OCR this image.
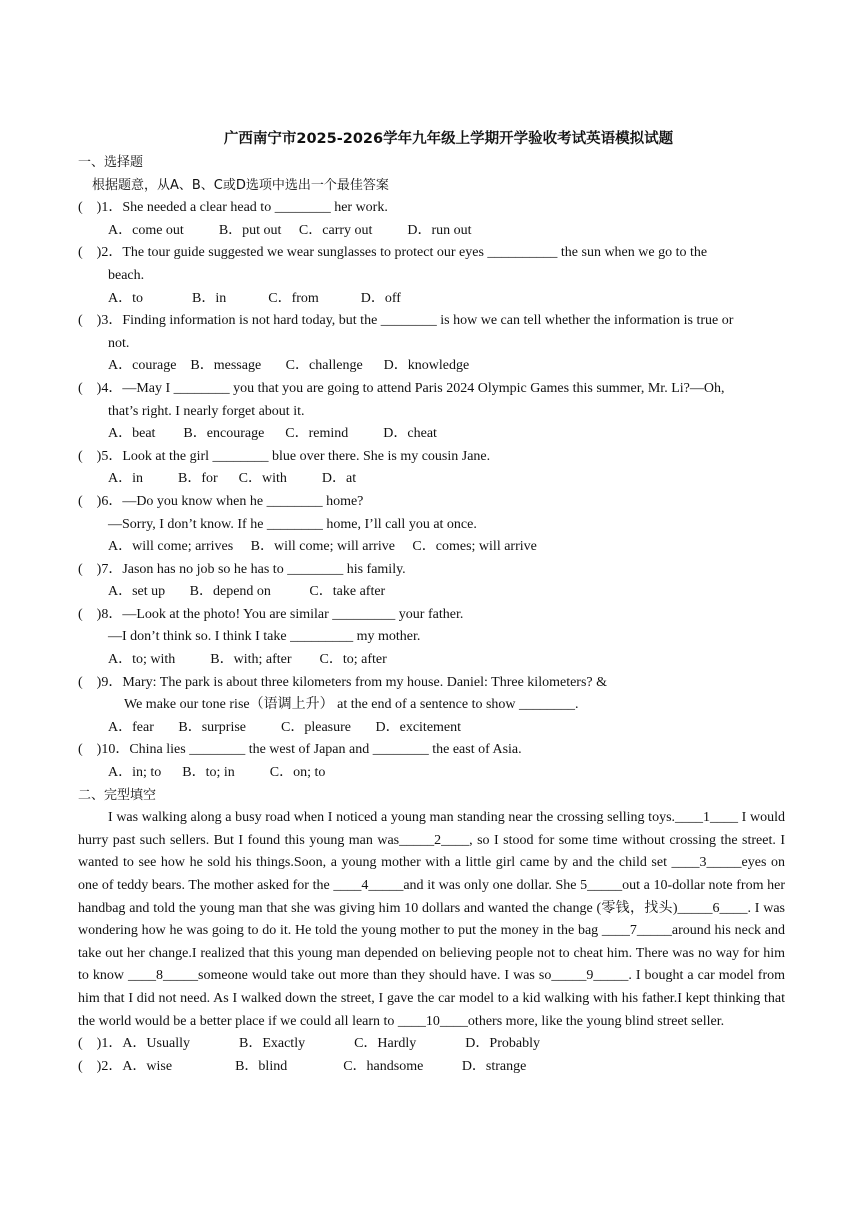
广西南宁市2025-2026学年九年级上学期开学验收考试英语模拟试题
一、选择题
根据题意，从A、B、C或D选项中选出一个最佳答案
(    )1．She needed a clear head to ________ her work.
A．come out          B．put out     C．carry out          D．run out
(    )2．The tour guide suggested we wear sunglasses to protect our eyes __________ the sun when we go to the
beach.
A．to              B．in            C．from            D．off
(    )3．Finding information is not hard today, but the ________ is how we can tell whether the information is true or
not.
A．courage    B．message       C．challenge      D．knowledge
(    )4．—May I ________ you that you are going to attend Paris 2024 Olympic Games this summer, Mr. Li?—Oh,
that’s right. I nearly forget about it.
A．beat        B．encourage      C．remind          D．cheat
(    )5．Look at the girl ________ blue over there. She is my cousin Jane.
A．in          B．for      C．with          D．at
(    )6．—Do you know when he ________ home?
—Sorry, I don’t know. If he ________ home, I’ll call you at once.
A．will come; arrives     B．will come; will arrive     C．comes; will arrive
(    )7．Jason has no job so he has to ________ his family.
A．set up       B．depend on           C．take after
(    )8．—Look at the photo! You are similar _________ your father.
—I don’t think so. I think I take _________ my mother.
A．to; with          B．with; after        C．to; after
(    )9．Mary: The park is about three kilometers from my house. Daniel: Three kilometers? &
We make our tone rise（语调上升） at the end of a sentence to show ________.
A．fear       B．surprise          C．pleasure       D．excitement
(    )10．China lies ________ the west of Japan and ________ the east of Asia.
A．in; to      B．to; in          C．on; to
二、完型填空

I was walking along a busy road when I noticed a young man standing near the crossing selling toys.____1____ I would hurry past such sellers. But I found this young man was_____2____, so I stood for some time without crossing the street. I wanted to see how he sold his things.Soon, a young mother with a little girl came by and the child set ____3_____eyes on one of teddy bears. The mother asked for the ____4_____and it was only one dollar. She 5_____out a 10-dollar note from her handbag and told the young man that she was giving him 10 dollars and wanted the change (零钱，找头)_____6____. I was wondering how he was going to do it. He told the young mother to put the money in the bag ____7_____around his neck and take out her change.I realized that this young man depended on believing people not to cheat him. There was no way for him to know ____8_____someone would take out more than they should have. I was so_____9_____. I bought a car model from him that I did not need. As I walked down the street, I gave the car model to a kid walking with his father.I kept thinking that the world would be a better place if we could all learn to ____10____others more, like the young blind street seller.

(    )1．A．Usually              B．Exactly              C．Hardly              D．Probably
(    )2．A．wise                  B．blind                C．handsome           D．strange
